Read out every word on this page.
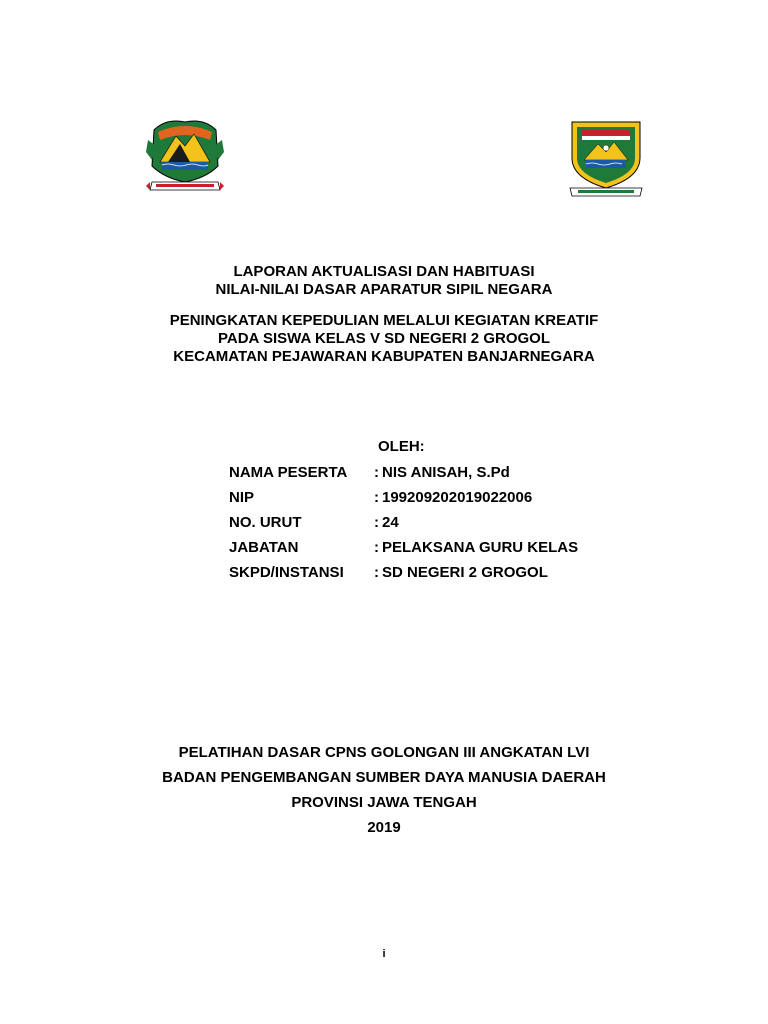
LAPORAN AKTUALISASI DAN HABITUASI
NILAI-NILAI DASAR APARATUR SIPIL NEGARA
PENINGKATAN KEPEDULIAN MELALUI KEGIATAN KREATIF
PADA SISWA KELAS V SD NEGERI 2 GROGOL
KECAMATAN PEJAWARAN KABUPATEN BANJARNEGARA
OLEH:
NAMA PESERTA	: NIS ANISAH, S.Pd
NIP	: 199209202019022006
NO. URUT	: 24
JABATAN	: PELAKSANA GURU KELAS
SKPD/INSTANSI	: SD NEGERI 2 GROGOL
PELATIHAN DASAR CPNS GOLONGAN III ANGKATAN LVI
BADAN PENGEMBANGAN SUMBER DAYA MANUSIA DAERAH
PROVINSI JAWA TENGAH
2019
i
